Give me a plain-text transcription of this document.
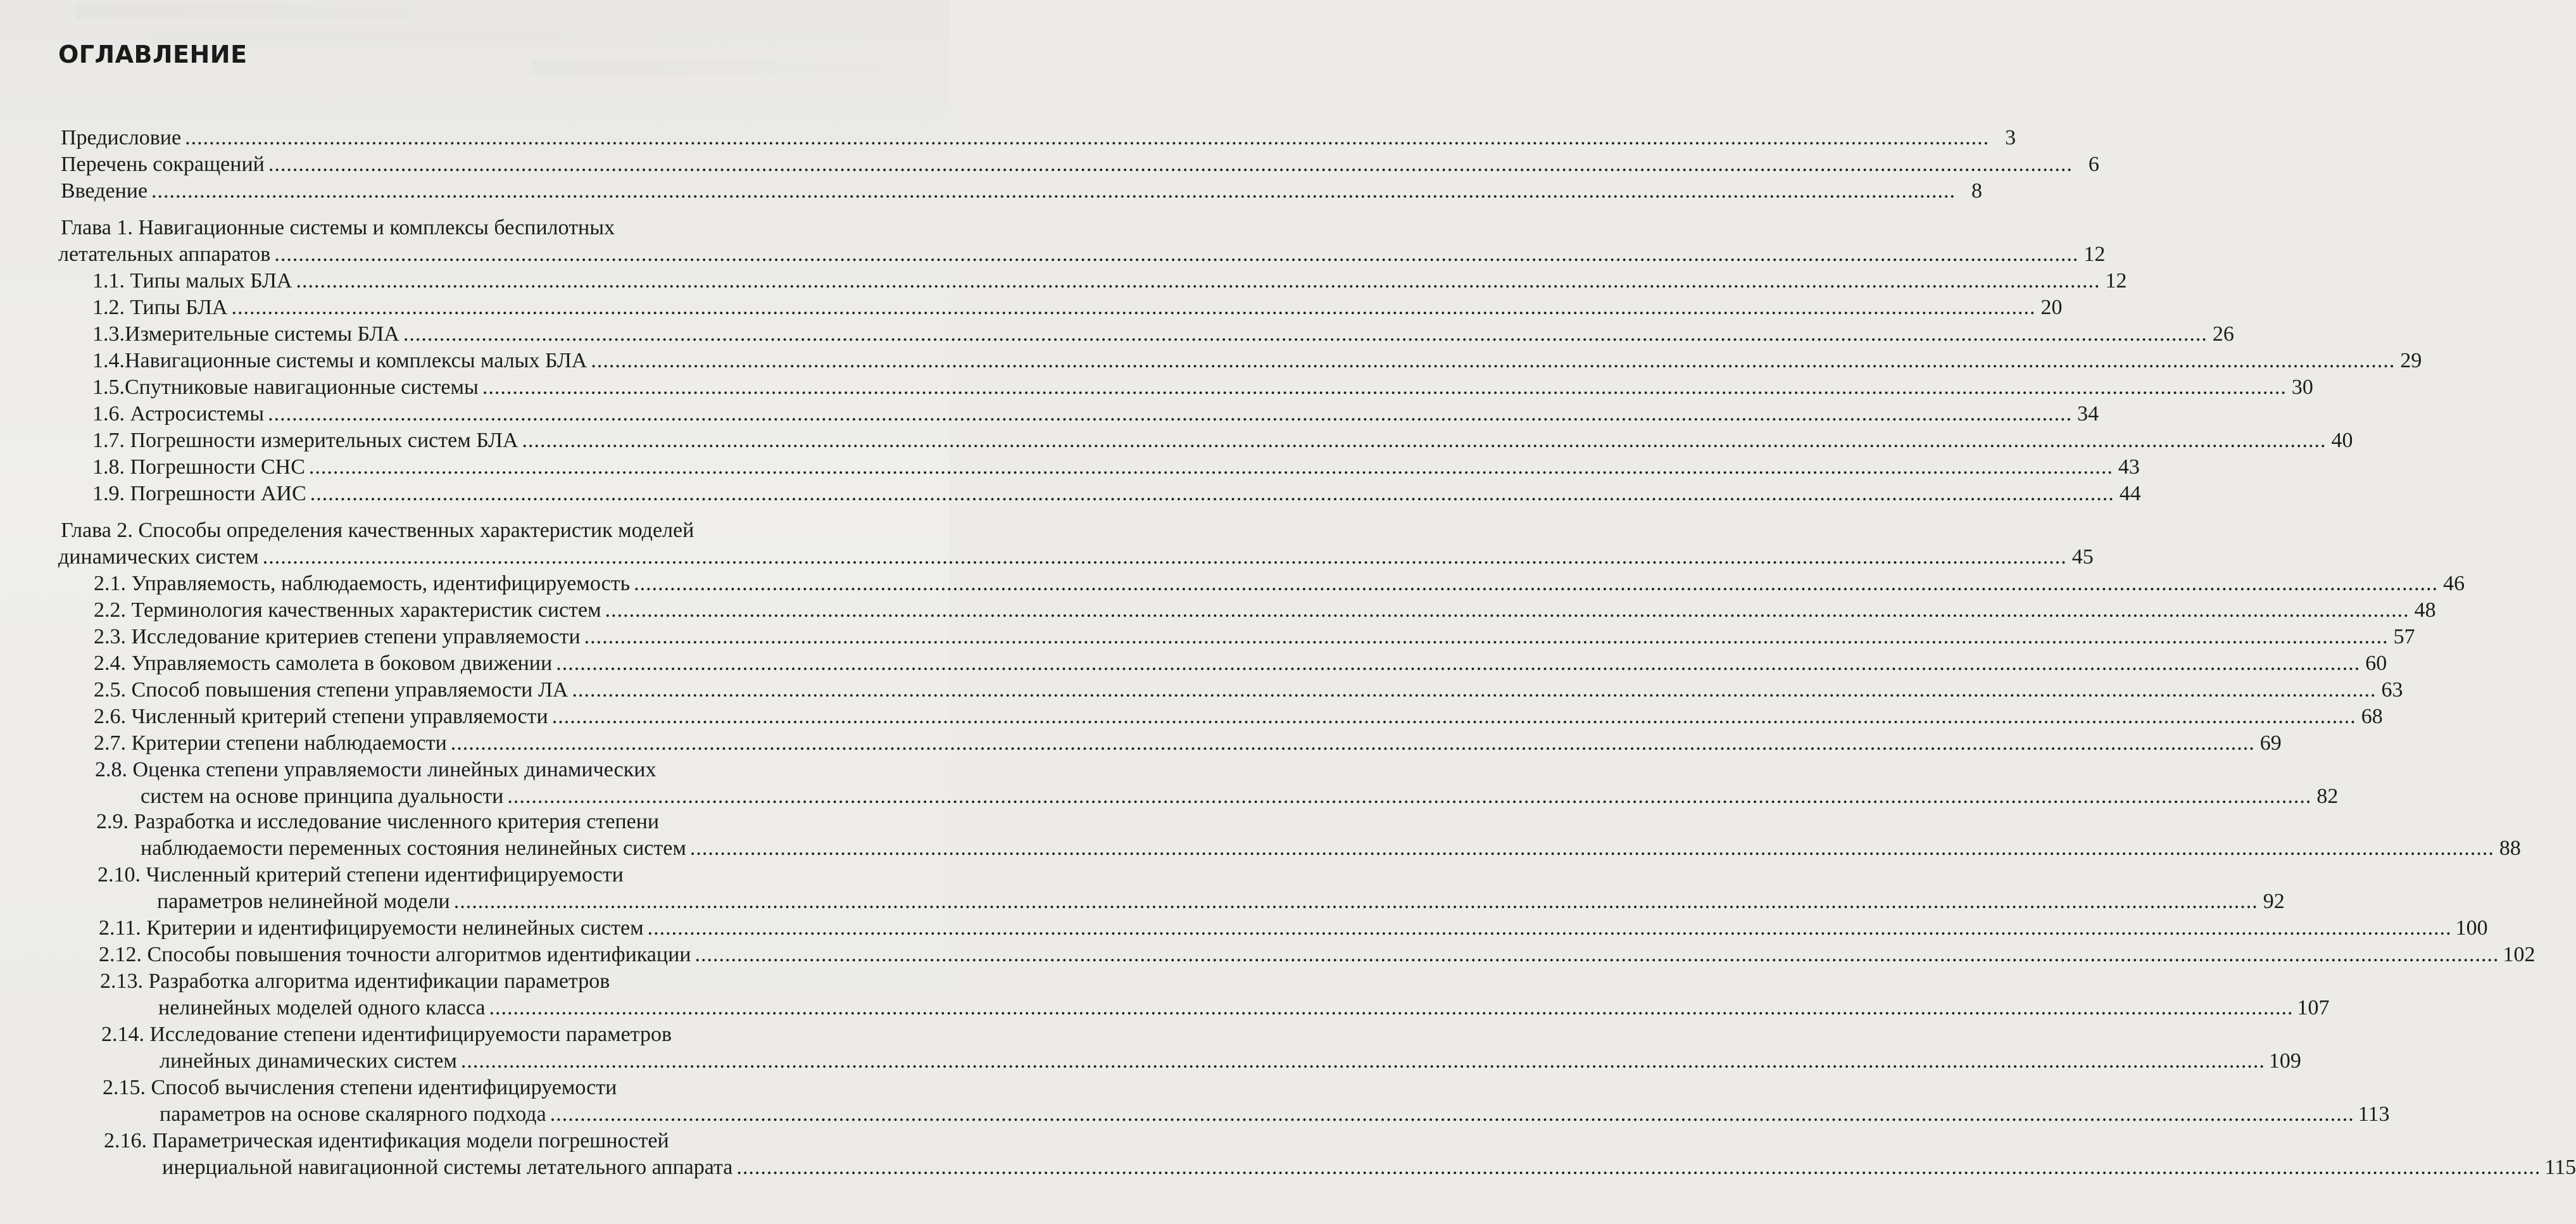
ОГЛАВЛЕНИЕ
Предисловие ............................................................................................................................................................................................................................................................................................................ 3
Перечень сокращений ............................................................................................................................................................................................................................................................................................................ 6
Введение ............................................................................................................................................................................................................................................................................................................ 8
Глава 1. Навигационные системы и комплексы беспилотных
летательных аппаратов ............................................................................................................................................................................................................................................................................................................ 12
1.1. Типы малых БЛА ............................................................................................................................................................................................................................................................................................................ 12
1.2. Типы БЛА ............................................................................................................................................................................................................................................................................................................ 20
1.3.Измерительные системы БЛА ............................................................................................................................................................................................................................................................................................................ 26
1.4.Навигационные системы и комплексы малых БЛА ............................................................................................................................................................................................................................................................................................................ 29
1.5.Спутниковые навигационные системы ............................................................................................................................................................................................................................................................................................................ 30
1.6. Астросистемы ............................................................................................................................................................................................................................................................................................................ 34
1.7. Погрешности измерительных систем БЛА ............................................................................................................................................................................................................................................................................................................ 40
1.8. Погрешности СНС ............................................................................................................................................................................................................................................................................................................ 43
1.9. Погрешности АИС ............................................................................................................................................................................................................................................................................................................ 44
Глава 2. Способы определения качественных характеристик моделей
динамических систем ............................................................................................................................................................................................................................................................................................................ 45
2.1. Управляемость, наблюдаемость, идентифицируемость ............................................................................................................................................................................................................................................................................................................ 46
2.2. Терминология качественных характеристик систем ............................................................................................................................................................................................................................................................................................................ 48
2.3. Исследование критериев степени управляемости ............................................................................................................................................................................................................................................................................................................ 57
2.4. Управляемость самолета в боковом движении ............................................................................................................................................................................................................................................................................................................ 60
2.5. Способ повышения степени управляемости ЛА ............................................................................................................................................................................................................................................................................................................ 63
2.6. Численный критерий степени управляемости ............................................................................................................................................................................................................................................................................................................ 68
2.7. Критерии степени наблюдаемости ............................................................................................................................................................................................................................................................................................................ 69
2.8. Оценка степени управляемости линейных динамических
систем на основе принципа дуальности ............................................................................................................................................................................................................................................................................................................ 82
2.9. Разработка и исследование численного критерия степени
наблюдаемости переменных состояния нелинейных систем ............................................................................................................................................................................................................................................................................................................ 88
2.10. Численный критерий степени идентифицируемости
параметров нелинейной модели ............................................................................................................................................................................................................................................................................................................ 92
2.11. Критерии и идентифицируемости нелинейных систем ............................................................................................................................................................................................................................................................................................................ 100
2.12. Способы повышения точности алгоритмов идентификации ............................................................................................................................................................................................................................................................................................................ 102
2.13. Разработка алгоритма идентификации параметров
нелинейных моделей одного класса ............................................................................................................................................................................................................................................................................................................ 107
2.14. Исследование степени идентифицируемости параметров
линейных динамических систем ............................................................................................................................................................................................................................................................................................................ 109
2.15. Способ вычисления степени идентифицируемости
параметров на основе скалярного подхода ............................................................................................................................................................................................................................................................................................................ 113
2.16. Параметрическая идентификация модели погрешностей
инерциальной навигационной системы летательного аппарата ............................................................................................................................................................................................................................................................................................................ 115
